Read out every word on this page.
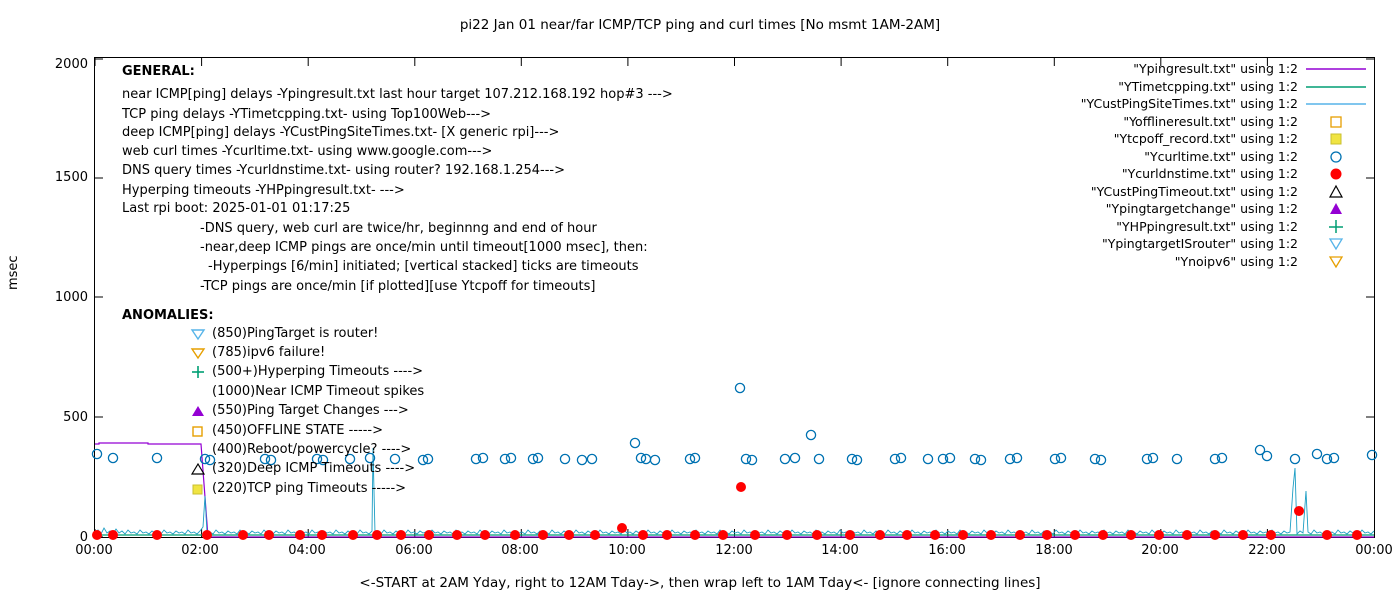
pi22 Jan 01 near/far ICMP/TCP ping and curl times [No msmt 1AM-2AM]
msec
<-START at 2AM Yday, right to 12AM Tday->, then wrap left to 1AM Tday<- [ignore connecting lines]
0
500
1000
1500
2000
00:00	02:00	04:00	06:00	08:00	10:00	12:00	14:00	16:00	18:00	20:00	22:00	00:00
GENERAL:
near ICMP[ping] delays -Ypingresult.txt last hour target 107.212.168.192 hop#3 --->
TCP ping delays -YTimetcpping.txt- using Top100Web--->
deep ICMP[ping] delays -YCustPingSiteTimes.txt- [X generic rpi]--->
web curl times -Ycurltime.txt- using www.google.com--->
DNS query times -Ycurldnstime.txt- using router? 192.168.1.254--->
Hyperping timeouts -YHPpingresult.txt- --->
Last rpi boot: 2025-01-01 01:17:25
-DNS query, web curl are twice/hr, beginnng and end of hour
-near,deep ICMP pings are once/min until timeout[1000 msec], then:
-Hyperpings [6/min] initiated; [vertical stacked] ticks are timeouts
-TCP pings are once/min [if plotted][use Ytcpoff for timeouts]
ANOMALIES:
(850)PingTarget is router!
(785)ipv6 failure!
(500+)Hyperping Timeouts ---->
(1000)Near ICMP Timeout spikes
(550)Ping Target Changes --->
(450)OFFLINE STATE ----->
(400)Reboot/powercycle? ---->
(320)Deep ICMP Timeouts ---->
(220)TCP ping Timeouts ----->
"Ypingresult.txt" using 1:2
"YTimetcpping.txt" using 1:2
"YCustPingSiteTimes.txt" using 1:2
"Yofflineresult.txt" using 1:2
"Ytcpoff_record.txt" using 1:2
"Ycurltime.txt" using 1:2
"Ycurldnstime.txt" using 1:2
"YCustPingTimeout.txt" using 1:2
"Ypingtargetchange" using 1:2
"YHPpingresult.txt" using 1:2
"YpingtargetISrouter" using 1:2
"Ynoipv6" using 1:2
